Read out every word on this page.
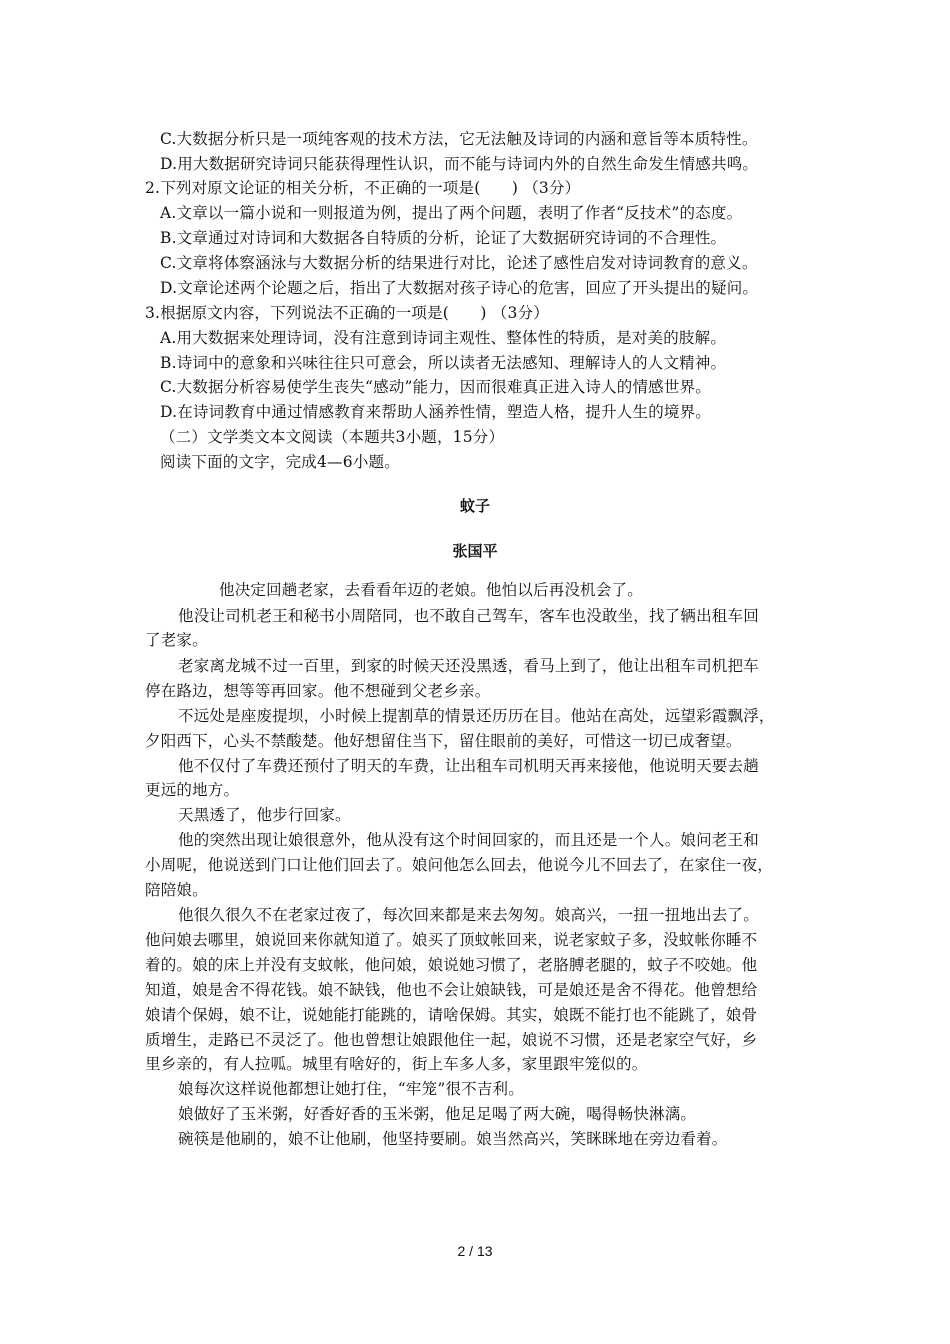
C.大数据分析只是一项纯客观的技术方法，它无法触及诗词的内涵和意旨等本质特性。
D.用大数据研究诗词只能获得理性认识，而不能与诗词内外的自然生命发生情感共鸣。
2.下列对原文论证的相关分析，不正确的一项是(　　) （3分）
A.文章以一篇小说和一则报道为例，提出了两个问题，表明了作者“反技术”的态度。
B.文章通过对诗词和大数据各自特质的分析，论证了大数据研究诗词的不合理性。
C.文章将体察涵泳与大数据分析的结果进行对比，论述了感性启发对诗词教育的意义。
D.文章论述两个论题之后，指出了大数据对孩子诗心的危害，回应了开头提出的疑问。
3.根据原文内容，下列说法不正确的一项是(　　) （3分）
A.用大数据来处理诗词，没有注意到诗词主观性、整体性的特质，是对美的肢解。
B.诗词中的意象和兴味往往只可意会，所以读者无法感知、理解诗人的人文精神。
C.大数据分析容易使学生丧失“感动”能力，因而很难真正进入诗人的情感世界。
D.在诗词教育中通过情感教育来帮助人涵养性情，塑造人格，提升人生的境界。
（二）文学类文本文阅读（本题共3小题，15分）
阅读下面的文字，完成4—6小题。
蚊子
张国平
他决定回趟老家，去看看年迈的老娘。他怕以后再没机会了。
他没让司机老王和秘书小周陪同，也不敢自己驾车，客车也没敢坐，找了辆出租车回
了老家。
老家离龙城不过一百里，到家的时候天还没黑透，看马上到了，他让出租车司机把车
停在路边，想等等再回家。他不想碰到父老乡亲。
不远处是座废提坝，小时候上提割草的情景还历历在目。他站在高处，远望彩霞飘浮，
夕阳西下，心头不禁酸楚。他好想留住当下，留住眼前的美好，可惜这一切已成奢望。
他不仅付了车费还预付了明天的车费，让出租车司机明天再来接他，他说明天要去趟
更远的地方。
天黑透了，他步行回家。
他的突然出现让娘很意外，他从没有这个时间回家的，而且还是一个人。娘问老王和
小周呢，他说送到门口让他们回去了。娘问他怎么回去，他说今儿不回去了，在家住一夜，
陪陪娘。
他很久很久不在老家过夜了，每次回来都是来去匆匆。娘高兴，一扭一扭地出去了。
他问娘去哪里，娘说回来你就知道了。娘买了顶蚊帐回来，说老家蚊子多，没蚊帐你睡不
着的。娘的床上并没有支蚊帐，他问娘，娘说她习惯了，老胳膊老腿的，蚊子不咬她。他
知道，娘是舍不得花钱。娘不缺钱，他也不会让娘缺钱，可是娘还是舍不得花。他曾想给
娘请个保姆，娘不让，说她能打能跳的，请啥保姆。其实，娘既不能打也不能跳了，娘骨
质增生，走路已不灵泛了。他也曾想让娘跟他住一起，娘说不习惯，还是老家空气好，乡
里乡亲的，有人拉呱。城里有啥好的，街上车多人多，家里跟牢笼似的。
娘每次这样说他都想让她打住，“牢笼”很不吉利。
娘做好了玉米粥，好香好香的玉米粥，他足足喝了两大碗，喝得畅快淋漓。
碗筷是他刷的，娘不让他刷，他坚持要刷。娘当然高兴，笑眯眯地在旁边看着。
2 / 13
